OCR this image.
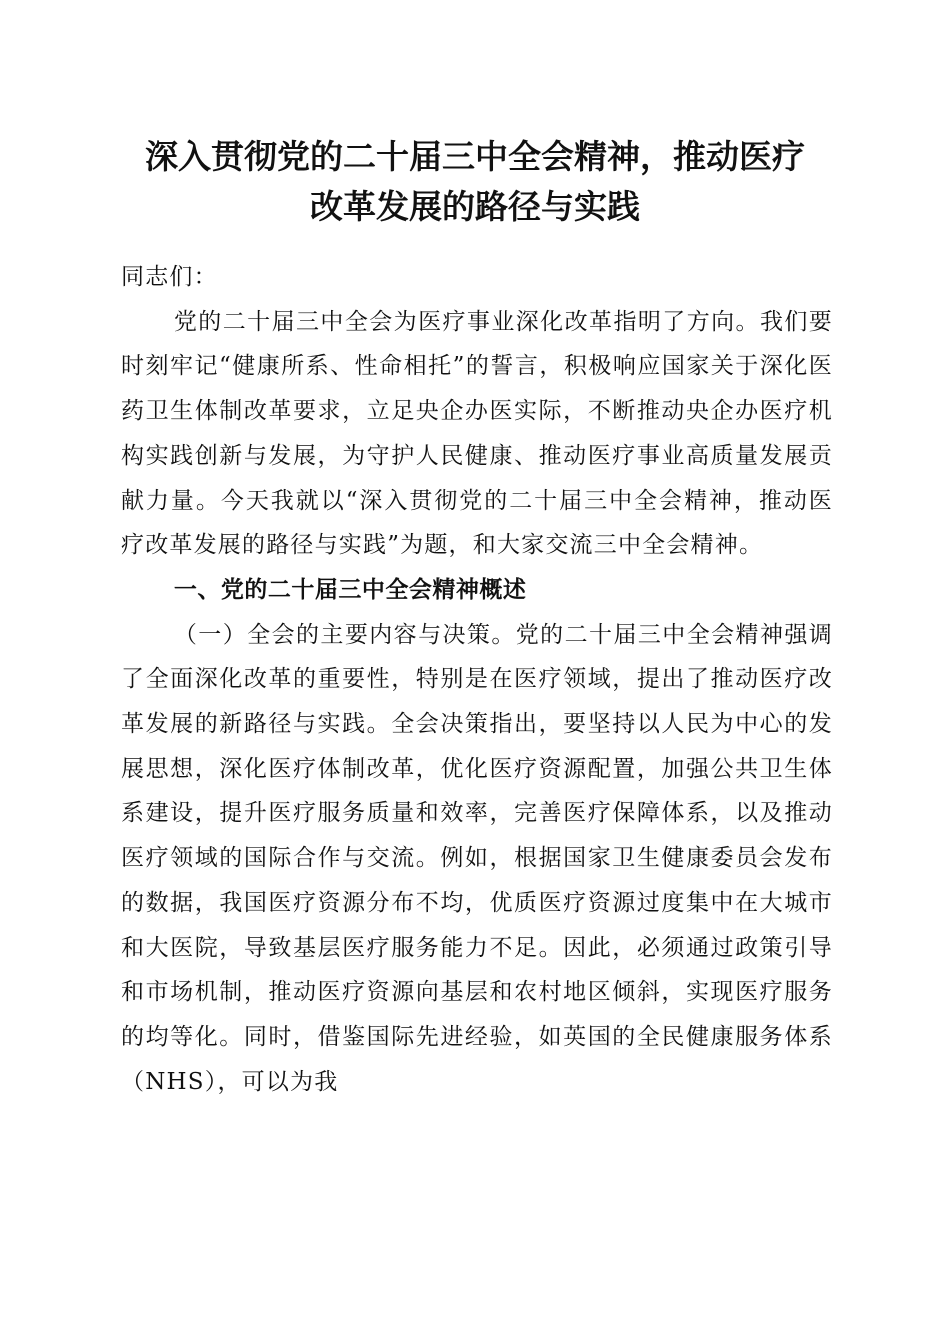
深入贯彻党的二十届三中全会精神，推动医疗
改革发展的路径与实践

同志们：

党的二十届三中全会为医疗事业深化改革指明了方向。我们要时刻牢记“健康所系、性命相托”的誓言，积极响应国家关于深化医药卫生体制改革要求，立足央企办医实际，不断推动央企办医疗机构实践创新与发展，为守护人民健康、推动医疗事业高质量发展贡献力量。今天我就以“深入贯彻党的二十届三中全会精神，推动医疗改革发展的路径与实践”为题，和大家交流三中全会精神。

一、党的二十届三中全会精神概述

（一）全会的主要内容与决策。党的二十届三中全会精神强调了全面深化改革的重要性，特别是在医疗领域，提出了推动医疗改革发展的新路径与实践。全会决策指出，要坚持以人民为中心的发展思想，深化医疗体制改革，优化医疗资源配置，加强公共卫生体系建设，提升医疗服务质量和效率，完善医疗保障体系，以及推动医疗领域的国际合作与交流。例如，根据国家卫生健康委员会发布的数据，我国医疗资源分布不均，优质医疗资源过度集中在大城市和大医院，导致基层医疗服务能力不足。因此，必须通过政策引导和市场机制，推动医疗资源向基层和农村地区倾斜，实现医疗服务的均等化。同时，借鉴国际先进经验，如英国的全民健康服务体系（NHS），可以为我
